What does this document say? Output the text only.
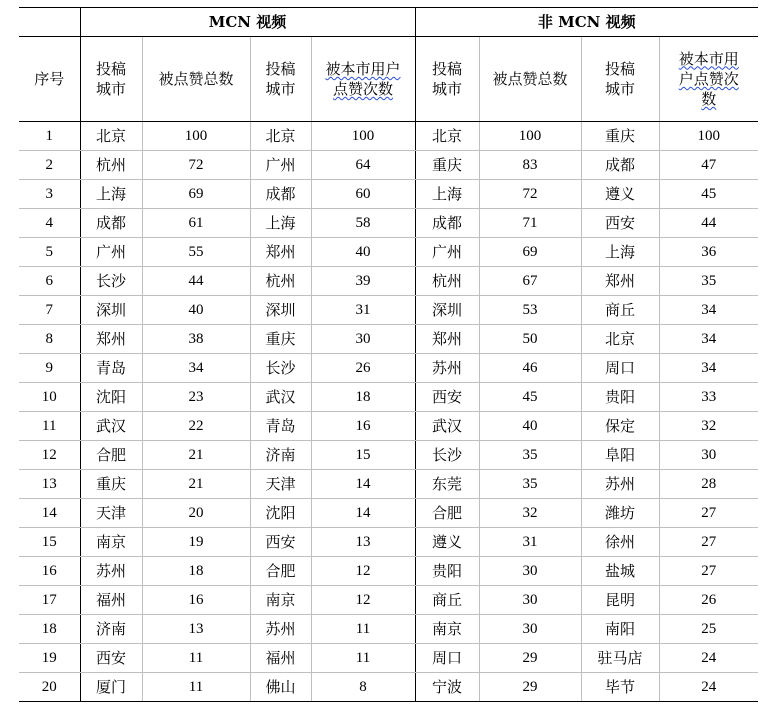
	MCN 视频				非 MCN 视频			
序号	投稿城市	被点赞总数	投稿城市	被本市用户点赞次数	投稿城市	被点赞总数	投稿 城市	被本市用户点赞次数

1	北京	100	北京	100	北京	100	重庆	100
2	杭州	72	广州	64	重庆	83	成都	47
3	上海	69	成都	60	上海	72	遵义	45
4	成都	61	上海	58	成都	71	西安	44
5	广州	55	郑州	40	广州	69	上海	36
6	长沙	44	杭州	39	杭州	67	郑州	35
7	深圳	40	深圳	31	深圳	53	商丘	34
8	郑州	38	重庆	30	郑州	50	北京	34
9	青岛	34	长沙	26	苏州	46	周口	34
10	沈阳	23	武汉	18	西安	45	贵阳	33
11	武汉	22	青岛	16	武汉	40	保定	32
12	合肥	21	济南	15	长沙	35	阜阳	30
13	重庆	21	天津	14	东莞	35	苏州	28
14	天津	20	沈阳	14	合肥	32	潍坊	27
15	南京	19	西安	13	遵义	31	徐州	27
16	苏州	18	合肥	12	贵阳	30	盐城	27
17	福州	16	南京	12	商丘	30	昆明	26
18	济南	13	苏州	11	南京	30	南阳	25
19	西安	11	福州	11	周口	29	驻马店	24
20	厦门	11	佛山	8	宁波	29	毕节	24
